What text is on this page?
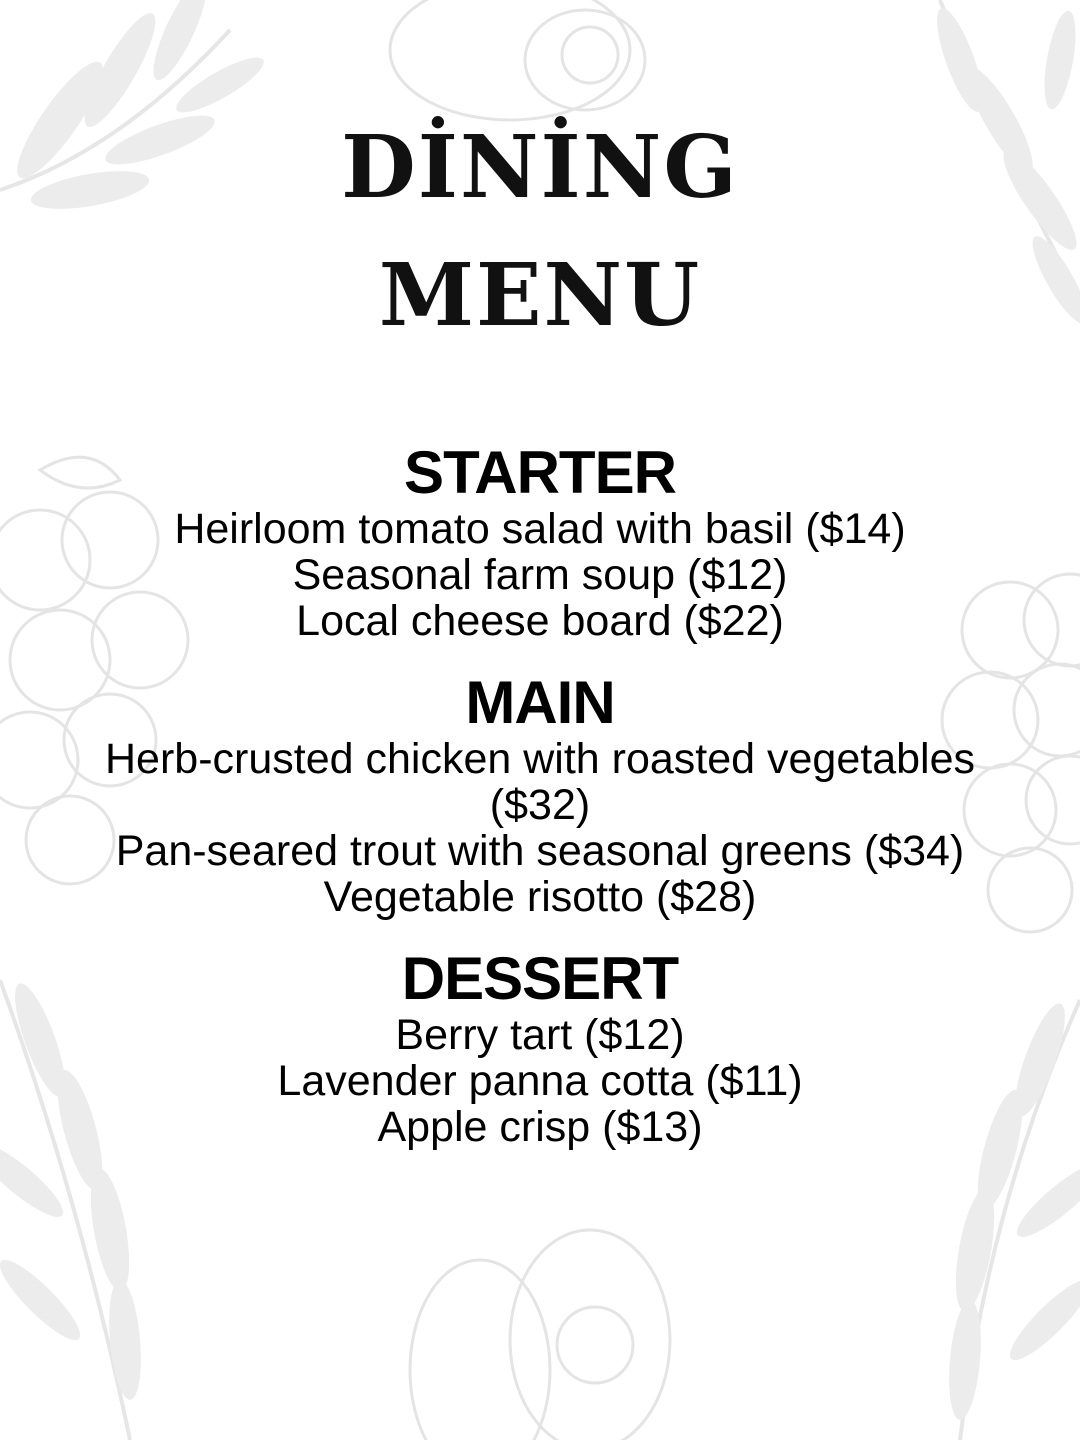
DİNİNG
MENU
STARTER
Heirloom tomato salad with basil ($14)
Seasonal farm soup ($12)
Local cheese board ($22)
MAIN
Herb-crusted chicken with roasted vegetables ($32)
Pan-seared trout with seasonal greens ($34)
Vegetable risotto ($28)
DESSERT
Berry tart ($12)
Lavender panna cotta ($11)
Apple crisp ($13)
